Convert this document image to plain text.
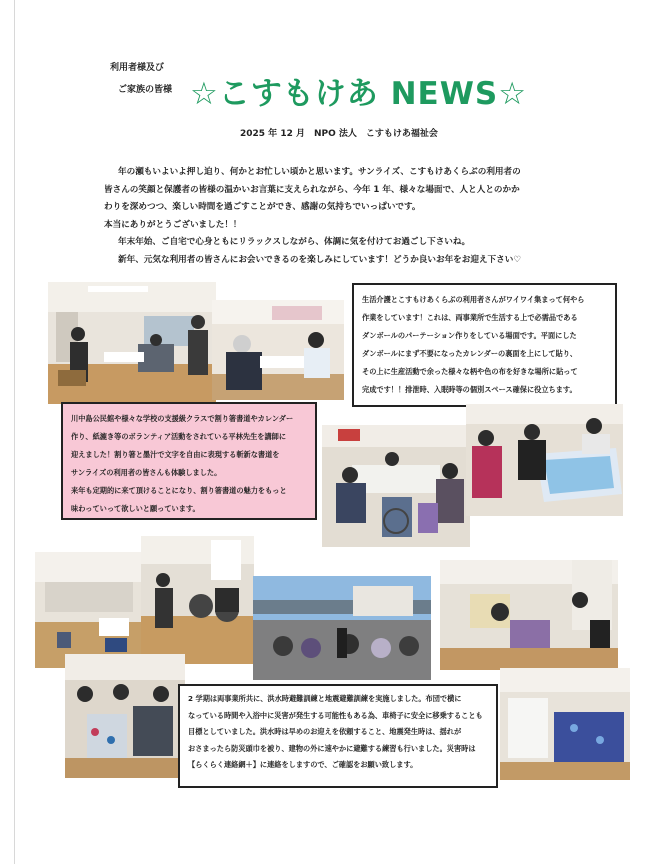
利用者様及び
ご家族の皆様 ☆こすもけあ NEWS☆
2025 年 12 月　NPO 法人　こすもけあ福祉会

年の瀬もいよいよ押し迫り、何かとお忙しい頃かと思います。サンライズ、こすもけあくらぶの利用者の

皆さんの笑顔と保護者の皆様の温かいお言葉に支えられながら、今年 1 年、様々な場面で、人と人とのかか

わりを深めつつ、楽しい時間を過ごすことができ、感謝の気持ちでいっぱいです。

本当にありがとうございました！！

年末年始、ご自宅で心身ともにリラックスしながら、体調に気を付けてお過ごし下さいね。

新年、元気な利用者の皆さんにお会いできるのを楽しみにしています！どうか良いお年をお迎え下さい♡

生活介護とこすもけあくらぶの利用者さんがワイワイ集まって何やら

作業をしています！これは、両事業所で生活する上で必需品である

ダンボールのパーテーション作りをしている場面です。平面にした

ダンボールにまず不要になったカレンダーの裏面を上にして貼り、

その上に生産活動で余った様々な柄や色の布を好きな場所に貼って

完成です！！排泄時、入眠時等の個別スペース確保に役立ちます。

川中島公民館や様々な学校の支援級クラスで割り箸書道やカレンダー

作り、紙漉き等のボランティア活動をされている平林先生を講師に

迎えました！割り箸と墨汁で文字を自由に表現する斬新な書道を

サンライズの利用者の皆さんも体験しました。

来年も定期的に来て頂けることになり、割り箸書道の魅力をもっと

味わっていって欲しいと願っています。

2 学期は両事業所共に、洪水時避難訓練と地震避難訓練を実施しました。布団で横に

なっている時間や入浴中に災害が発生する可能性もある為、車椅子に安全に移乗することも

目標としていました。洪水時は早めのお迎えを依頼すること、地震発生時は、揺れが

おさまったら防災頭巾を被り、建物の外に速やかに避難する練習も行いました。災害時は

【らくらく連絡網＋】に連絡をしますので、ご確認をお願い致します。
